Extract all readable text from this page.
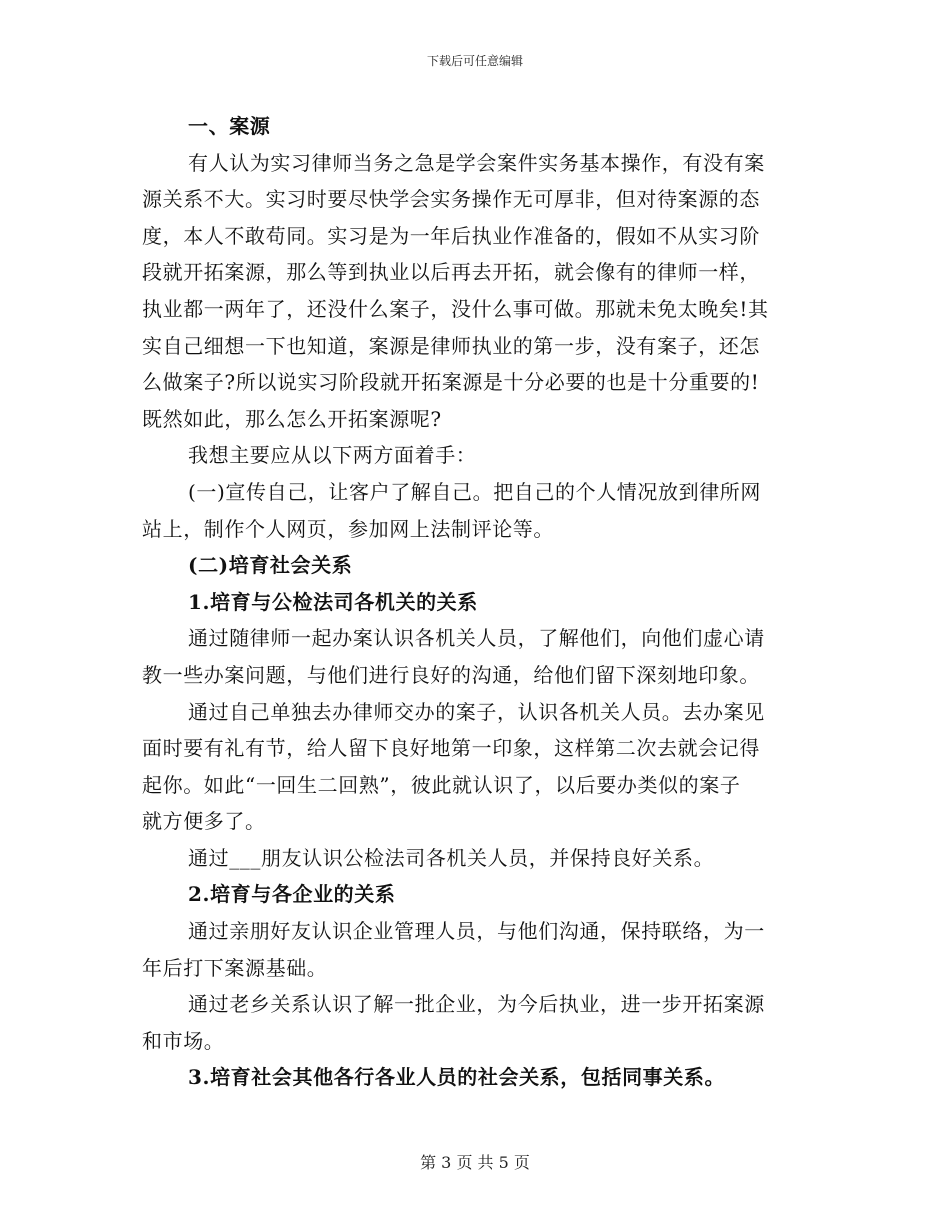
下载后可任意编辑
一、案源
有人认为实习律师当务之急是学会案件实务基本操作，有没有案
源关系不大。实习时要尽快学会实务操作无可厚非，但对待案源的态
度，本人不敢苟同。实习是为一年后执业作准备的，假如不从实习阶
段就开拓案源，那么等到执业以后再去开拓，就会像有的律师一样，
执业都一两年了，还没什么案子，没什么事可做。那就未免太晚矣!其
实自己细想一下也知道，案源是律师执业的第一步，没有案子，还怎
么做案子?所以说实习阶段就开拓案源是十分必要的也是十分重要的!
既然如此，那么怎么开拓案源呢?
我想主要应从以下两方面着手：
(一)宣传自己，让客户了解自己。把自己的个人情况放到律所网
站上，制作个人网页，参加网上法制评论等。
(二)培育社会关系
1.培育与公检法司各机关的关系
通过随律师一起办案认识各机关人员，了解他们，向他们虚心请
教一些办案问题，与他们进行良好的沟通，给他们留下深刻地印象。
通过自己单独去办律师交办的案子，认识各机关人员。去办案见
面时要有礼有节，给人留下良好地第一印象，这样第二次去就会记得
起你。如此“一回生二回熟”，彼此就认识了，以后要办类似的案子
就方便多了。
通过___朋友认识公检法司各机关人员，并保持良好关系。
2.培育与各企业的关系
通过亲朋好友认识企业管理人员，与他们沟通，保持联络，为一
年后打下案源基础。
通过老乡关系认识了解一批企业，为今后执业，进一步开拓案源
和市场。
3.培育社会其他各行各业人员的社会关系，包括同事关系。
第 3 页 共 5 页
